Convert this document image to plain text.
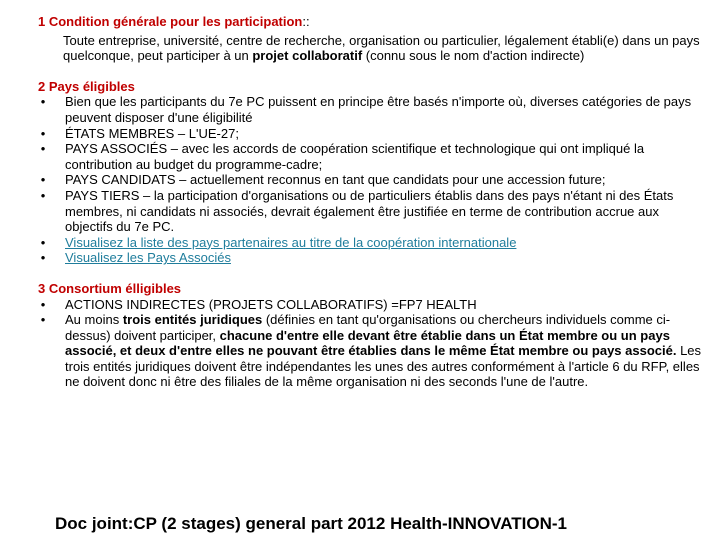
1 Condition générale pour les participation::

Toute entreprise, université, centre de recherche, organisation ou particulier, légalement établi(e) dans un pays quelconque, peut participer à un projet collaboratif (connu sous le nom d'action indirecte)

2 Pays éligibles

• Bien que les participants du 7e PC puissent en principe être basés n'importe où, diverses catégories de pays peuvent disposer d'une éligibilité
• ÉTATS MEMBRES – L'UE-27;
• PAYS ASSOCIÉS – avec les accords de coopération scientifique et technologique qui ont impliqué la contribution au budget du programme-cadre;
• PAYS CANDIDATS – actuellement reconnus en tant que candidats pour une accession future;
• PAYS TIERS – la participation d'organisations ou de particuliers établis dans des pays n'étant ni des États membres, ni candidats ni associés, devrait également être justifiée en terme de contribution accrue aux objectifs du 7e PC.
• Visualisez la liste des pays partenaires au titre de la coopération internationale
• Visualisez les Pays Associés

3 Consortium élligibles

• ACTIONS INDIRECTES (PROJETS COLLABORATIFS) =FP7 HEALTH
• Au moins trois entités juridiques (définies en tant qu'organisations ou chercheurs individuels comme ci-dessus) doivent participer, chacune d'entre elle devant être établie dans un État membre ou un pays associé, et deux d'entre elles ne pouvant être établies dans le même État membre ou pays associé. Les trois entités juridiques doivent être indépendantes les unes des autres conformément à l'article 6 du RFP, elles ne doivent donc ni être des filiales de la même organisation ni des seconds l'une de l'autre.

Doc joint:CP (2 stages) general part 2012 Health-INNOVATION-1
